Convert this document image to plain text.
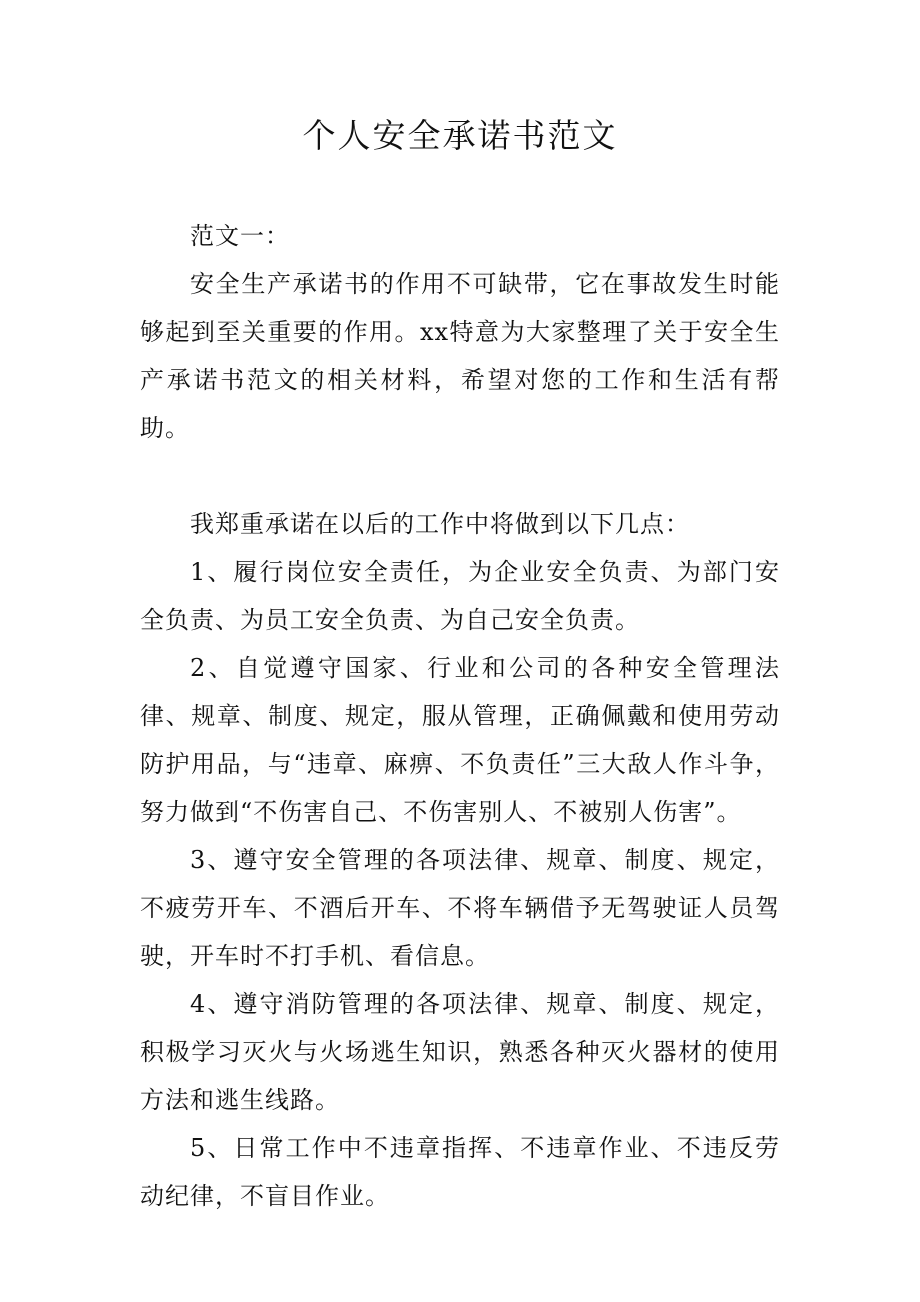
个人安全承诺书范文

范文一：

安全生产承诺书的作用不可缺带，它在事故发生时能够起到至关重要的作用。xx特意为大家整理了关于安全生产承诺书范文的相关材料，希望对您的工作和生活有帮助。

我郑重承诺在以后的工作中将做到以下几点：

1、履行岗位安全责任，为企业安全负责、为部门安全负责、为员工安全负责、为自己安全负责。

2、自觉遵守国家、行业和公司的各种安全管理法律、规章、制度、规定，服从管理，正确佩戴和使用劳动防护用品，与“违章、麻痹、不负责任”三大敌人作斗争，努力做到“不伤害自己、不伤害别人、不被别人伤害”。

3、遵守安全管理的各项法律、规章、制度、规定，不疲劳开车、不酒后开车、不将车辆借予无驾驶证人员驾驶，开车时不打手机、看信息。

4、遵守消防管理的各项法律、规章、制度、规定，积极学习灭火与火场逃生知识，熟悉各种灭火器材的使用方法和逃生线路。

5、日常工作中不违章指挥、不违章作业、不违反劳动纪律，不盲目作业。
